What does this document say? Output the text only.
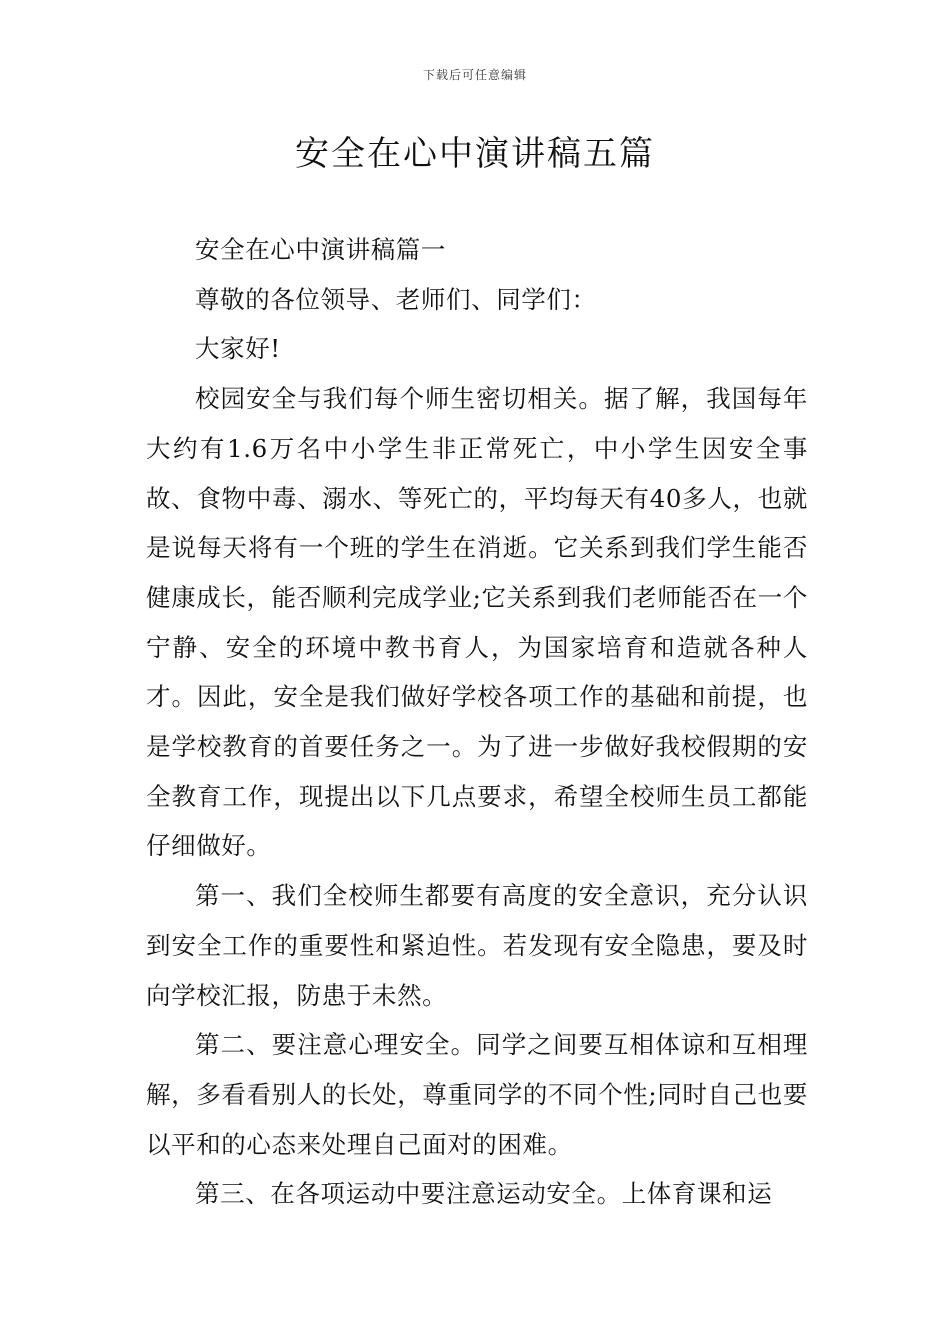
下载后可任意编辑
安全在心中演讲稿五篇

安全在心中演讲稿篇一

尊敬的各位领导、老师们、同学们：

大家好!

校园安全与我们每个师生密切相关。据了解，我国每年大约有1.6万名中小学生非正常死亡，中小学生因安全事故、食物中毒、溺水、等死亡的，平均每天有40多人，也就是说每天将有一个班的学生在消逝。它关系到我们学生能否健康成长，能否顺利完成学业;它关系到我们老师能否在一个宁静、安全的环境中教书育人，为国家培育和造就各种人才。因此，安全是我们做好学校各项工作的基础和前提，也是学校教育的首要任务之一。为了进一步做好我校假期的安全教育工作，现提出以下几点要求，希望全校师生员工都能仔细做好。

第一、我们全校师生都要有高度的安全意识，充分认识到安全工作的重要性和紧迫性。若发现有安全隐患，要及时向学校汇报，防患于未然。

第二、要注意心理安全。同学之间要互相体谅和互相理解，多看看别人的长处，尊重同学的不同个性;同时自己也要以平和的心态来处理自己面对的困难。

第三、在各项运动中要注意运动安全。上体育课和运
